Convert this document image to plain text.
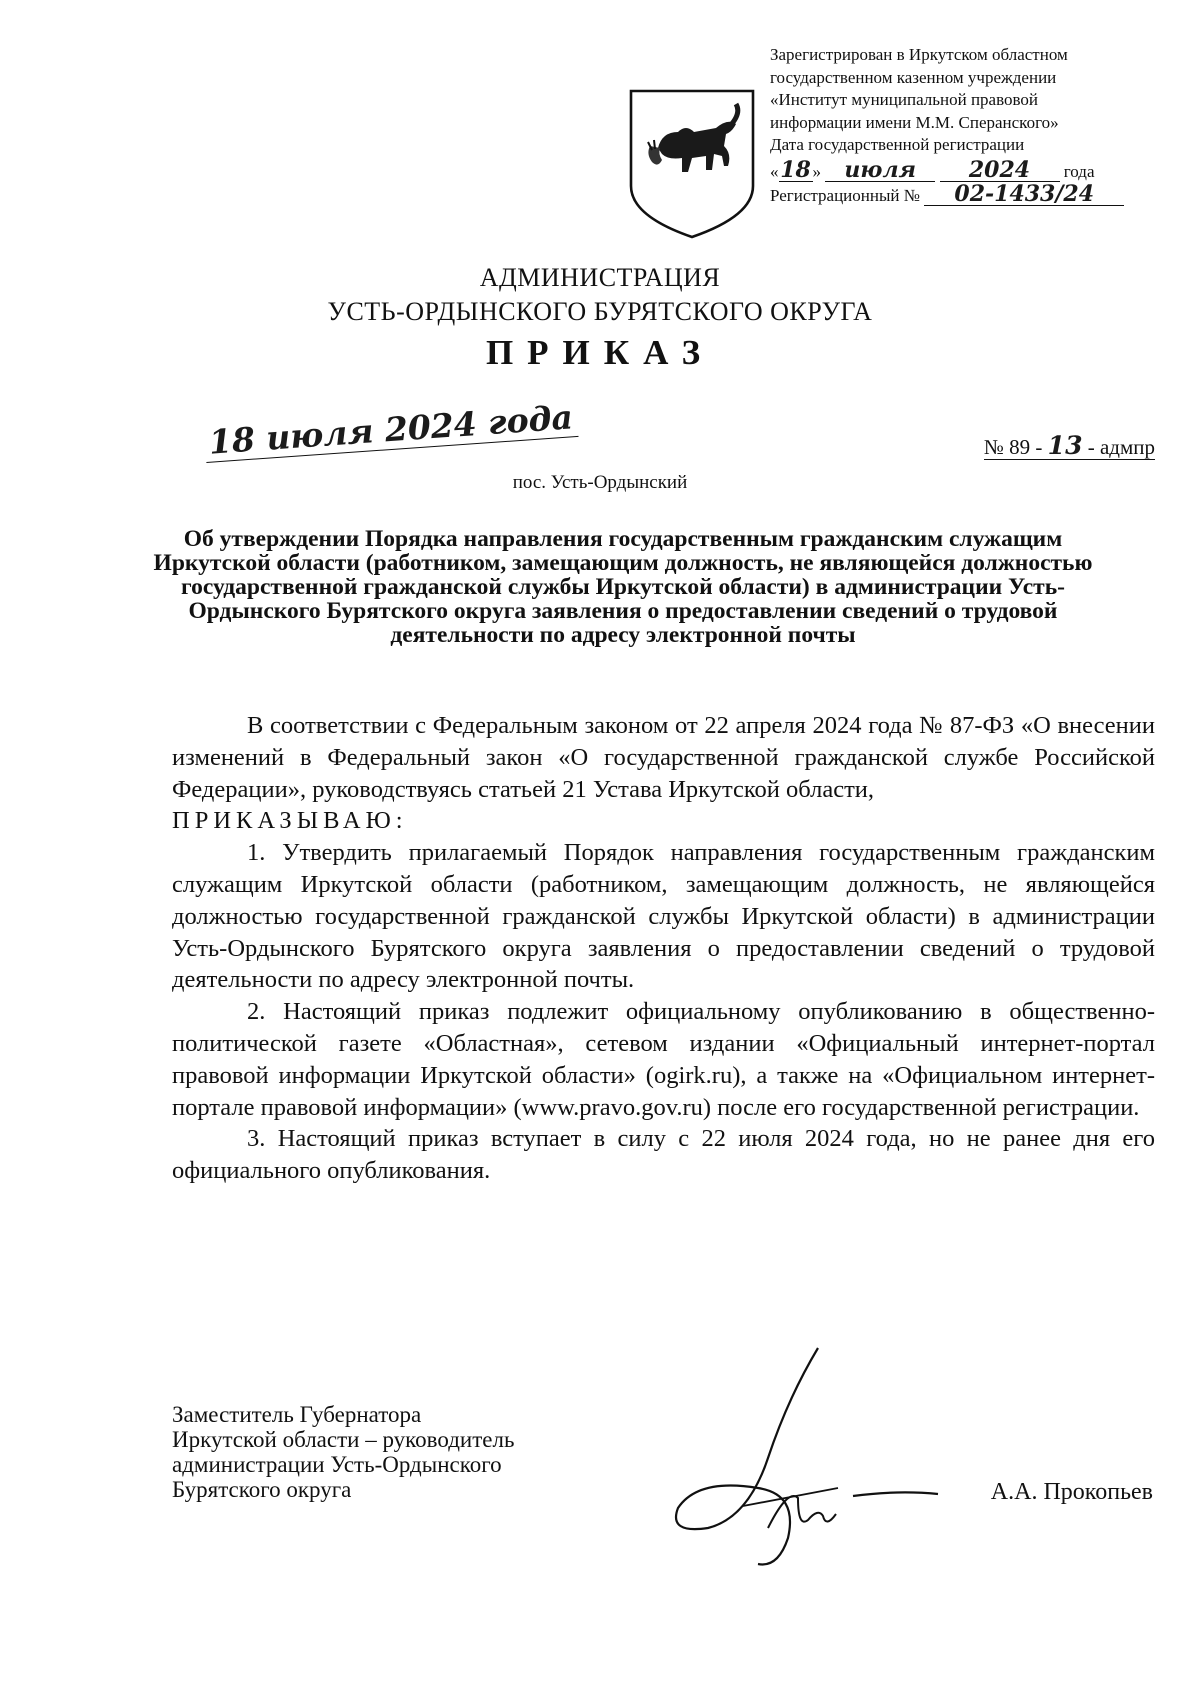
Зарегистрирован в Иркутском областном
государственном казенном учреждении
«Институт муниципальной правовой
информации имени М.М. Сперанского»
Дата государственной регистрации
«18» июля 2024 года
Регистрационный № 02-1433/24
АДМИНИСТРАЦИЯ
УСТЬ-ОРДЫНСКОГО БУРЯТСКОГО ОКРУГА
ПРИКАЗ
18 июля 2024 года	№ 89 - 13 - адмпр
пос. Усть-Ордынский
Об утверждении Порядка направления государственным гражданским служащим Иркутской области (работником, замещающим должность, не являющейся должностью государственной гражданской службы Иркутской области) в администрации Усть-Ордынского Бурятского округа заявления о предоставлении сведений о трудовой деятельности по адресу электронной почты

В соответствии с Федеральным законом от 22 апреля 2024 года № 87-ФЗ «О внесении изменений в Федеральный закон «О государственной гражданской службе Российской Федерации», руководствуясь статьей 21 Устава Иркутской области,

ПРИКАЗЫВАЮ:

1. Утвердить прилагаемый Порядок направления государственным гражданским служащим Иркутской области (работником, замещающим должность, не являющейся должностью государственной гражданской службы Иркутской области) в администрации Усть-Ордынского Бурятского округа заявления о предоставлении сведений о трудовой деятельности по адресу электронной почты.

2. Настоящий приказ подлежит официальному опубликованию в общественно-политической газете «Областная», сетевом издании «Официальный интернет-портал правовой информации Иркутской области» (ogirk.ru), а также на «Официальном интернет-портале правовой информации» (www.pravo.gov.ru) после его государственной регистрации.

3. Настоящий приказ вступает в силу с 22 июля 2024 года, но не ранее дня его официального опубликования.

Заместитель Губернатора
Иркутской области – руководитель
администрации Усть-Ордынского
Бурятского округа	А.А. Прокопьев
